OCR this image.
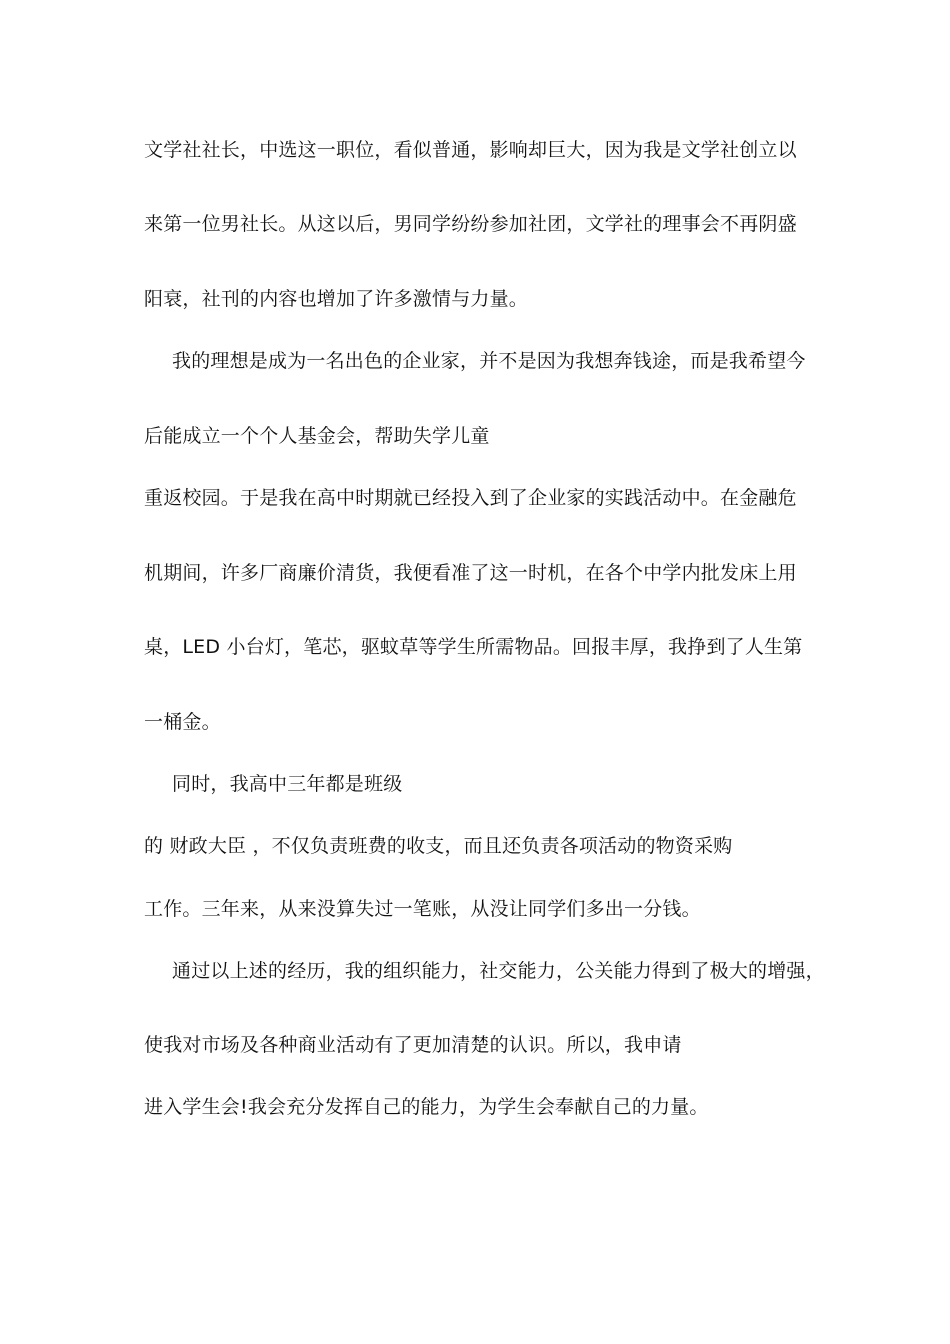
文学社社长，中选这一职位，看似普通，影响却巨大，因为我是文学社创立以
来第一位男社长。从这以后，男同学纷纷参加社团，文学社的理事会不再阴盛
阳衰，社刊的内容也增加了许多激情与力量。
我的理想是成为一名出色的企业家，并不是因为我想奔钱途，而是我希望今
后能成立一个个人基金会，帮助失学儿童
重返校园。于是我在高中时期就已经投入到了企业家的实践活动中。在金融危
机期间，许多厂商廉价清货，我便看准了这一时机，在各个中学内批发床上用
桌，LED 小台灯，笔芯，驱蚊草等学生所需物品。回报丰厚，我挣到了人生第
一桶金。
同时，我高中三年都是班级
的 财政大臣 ，不仅负责班费的收支，而且还负责各项活动的物资采购
工作。三年来，从来没算失过一笔账，从没让同学们多出一分钱。
通过以上述的经历，我的组织能力，社交能力，公关能力得到了极大的增强，
使我对市场及各种商业活动有了更加清楚的认识。所以，我申请
进入学生会!我会充分发挥自己的能力，为学生会奉献自己的力量。
